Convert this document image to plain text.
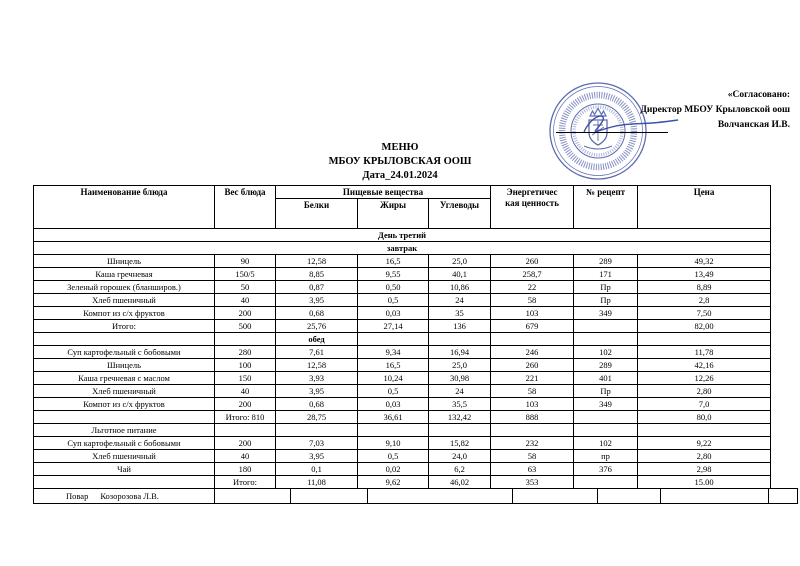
«Согласовано:
Директор МБОУ Крыловской оош
Волчанская И.В.
МЕНЮ
МБОУ КРЫЛОВСКАЯ ООШ
Дата_24.01.2024
Наименование блюда	Вес блюда	Пищевые вещества			Энергетичес
кая ценность	№ рецепт	Цена
		Белки	Жиры	Углеводы			
День третий							
завтрак							
Шницель	90	12,58	16,5	25,0	260	289	49,32
Каша гречневая	150/5	8,85	9,55	40,1	258,7	171	13,49
Зеленый горошек (бланширов.)	50	0,87	0,50	10,86	22	Пр	8,89
Хлеб пшеничный	40	3,95	0,5	24	58	Пр	2,8
Компот из с/х фруктов	200	0,68	0,03	35	103	349	7,50
Итого:	500	25,76	27,14	136	679		82,00
		обед					
Суп картофельный с бобовыми	280	7,61	9,34	16,94	246	102	11,78
Шницель	100	12,58	16,5	25,0	260	289	42,16
Каша гречневая с маслом	150	3,93	10,24	30,98	221	401	12,26
Хлеб пшеничный	40	3,95	0,5	24	58	Пр	2,80
Компот из с/х фруктов	200	0,68	0,03	35,5	103	349	7,0
	Итого: 810	28,75	36,61	132,42	888		80,0
Льготное питание							
Суп картофельный с бобовыми	200	7,03	9,10	15,82	232	102	9,22
Хлеб пшеничный	40	3,95	0,5	24,0	58	пр	2,80
Чай	180	0,1	0,02	6,2	63	376	2,98
	Итого:	11,08	9,62	46,02	353		15.00
Повар Козорозова Л.В.							
